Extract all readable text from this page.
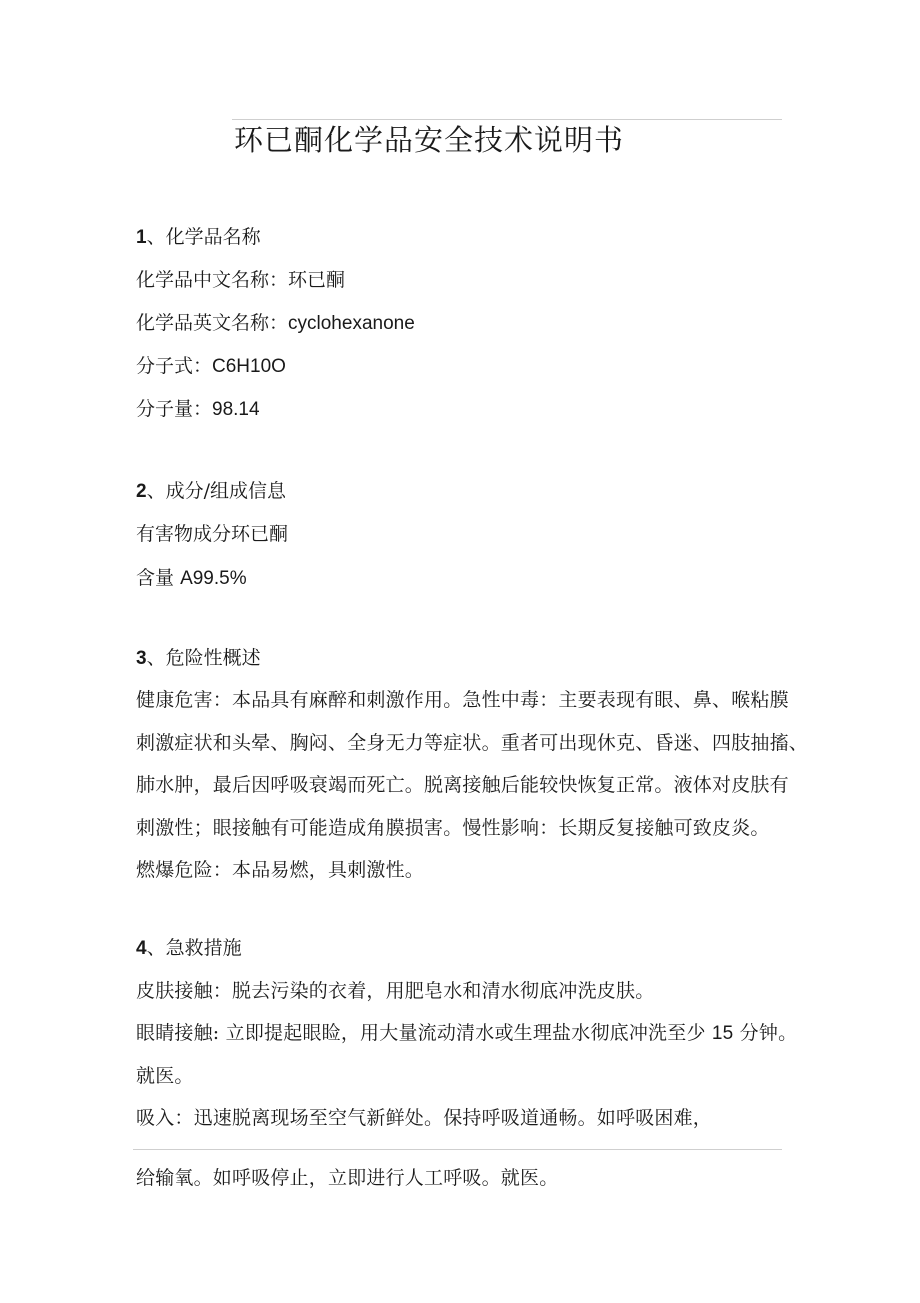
环已酮化学品安全技术说明书
1、化学品名称
化学品中文名称：环已酮
化学品英文名称：cyclohexanone
分子式：C6H10O
分子量：98.14
2、成分/组成信息
有害物成分环已酮
含量 A99.5%
3、危险性概述
健康危害：本品具有麻醉和刺激作用。急性中毒：主要表现有眼、鼻、喉粘膜
刺激症状和头晕、胸闷、全身无力等症状。重者可出现休克、昏迷、四肢抽搐、
肺水肿，最后因呼吸衰竭而死亡。脱离接触后能较快恢复正常。液体对皮肤有
刺激性；眼接触有可能造成角膜损害。慢性影响：长期反复接触可致皮炎。
燃爆危险：本品易燃，具刺激性。
4、急救措施
皮肤接触：脱去污染的衣着，用肥皂水和清水彻底冲洗皮肤。
眼睛接触: 立即提起眼睑，用大量流动清水或生理盐水彻底冲洗至少 15 分钟。
就医。
吸入：迅速脱离现场至空气新鲜处。保持呼吸道通畅。如呼吸困难，
给输氧。如呼吸停止，立即进行人工呼吸。就医。
